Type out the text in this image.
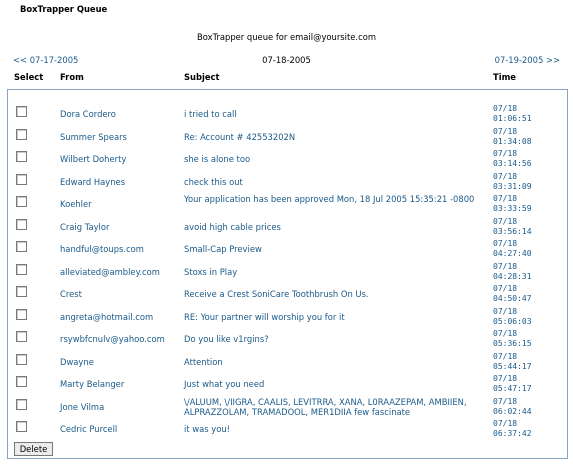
BoxTrapper Queue
BoxTrapper queue for email@yoursite.com
<< 07-17-2005	07-18-2005	07-19-2005 >>
Select From	Subject	Time
Dora Cordero	i tried to call
07/18
01:06:51
Summer Spears	Re: Account # 42553202N
07/18
01:34:08
Wilbert Doherty	she is alone too
07/18
03:14:56
Edward Haynes	check this out
07/18
03:31:09
Koehler	Your application has been approved Mon, 18 Jul 2005 15:35:21 -0800	07/18
03:33:59
Craig Taylor	avoid high cable prices
07/18
03:56:14
handful@toups.com	Small-Cap Preview
07/18
04:27:40
alleviated@ambley.com	Stoxs in Play
07/18
04:28:31
Crest	Receive a Crest SoniCare Toothbrush On Us.
07/18
04:50:47
angreta@hotmail.com	RE: Your partner will worship you for it
07/18
05:06:03
rsywbfcnulv@yahoo.com Do you like v1rgins?
07/18
05:36:15
Dwayne	Attention
07/18
05:44:17
Marty Belanger	Just what you need
07/18
05:47:17
Jone Vilma	\/ALUUM, \/IIGRA, CAALIS, LEVITRRA, XANA, L0RAAZEPAM, AMBIIEN, ALPRAZZOLAM, TRAMADOOL, MER1DIIA few fascinate
07/18
06:02:44
Cedric Purcell	it was you!
07/18
06:37:42
Delete
